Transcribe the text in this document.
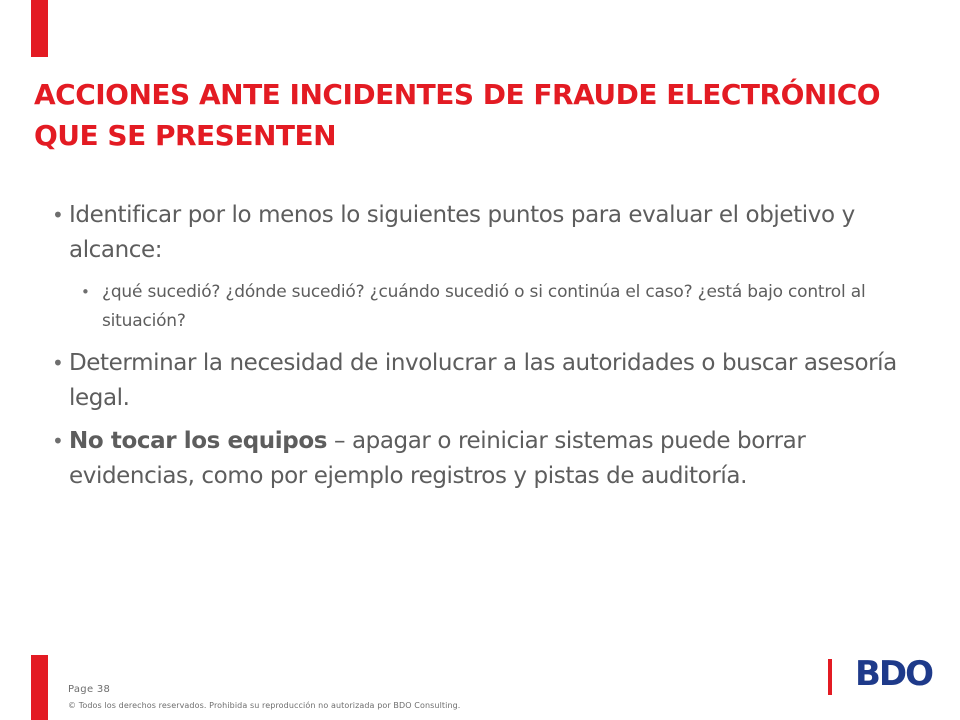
ACCIONES ANTE INCIDENTES DE FRAUDE ELECTRÓNICO QUE SE PRESENTEN
• Identificar por lo menos lo siguientes puntos para evaluar el objetivo y alcance:
• ¿qué sucedió? ¿dónde sucedió? ¿cuándo sucedió o si continúa el caso? ¿está bajo control al situación?
• Determinar la necesidad de involucrar a las autoridades o buscar asesoría legal.
• No tocar los equipos – apagar o reiniciar sistemas puede borrar evidencias, como por ejemplo registros y pistas de auditoría.
Page 38
© Todos los derechos reservados. Prohibida su reproducción no autorizada por BDO Consulting.
BDO
